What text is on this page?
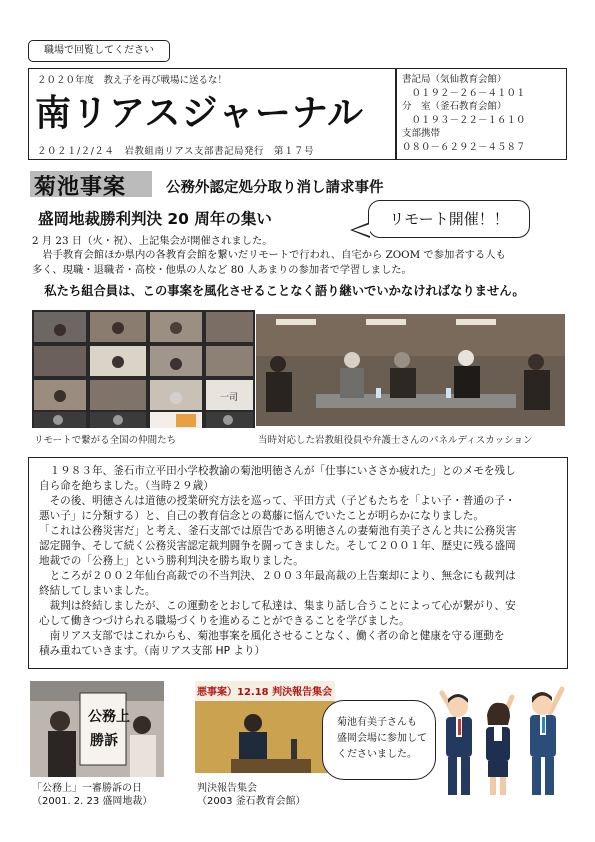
職場で回覧してください
２０２０年度　教え子を再び戦場に送るな！
南リアスジャーナル
２０２１/２/２４　岩教組南リアス支部書記局発行　第１７号
書記局（気仙教育会館）
　０１９２－２６－４１０１
分　室（釜石教育会館）
　０１９３－２２－１６１０
支部携帯
０８０－６２９２－４５８７
菊池事案	公務外認定処分取り消し請求事件
盛岡地裁勝利判決 20 周年の集い	リモート開催！！
2 月 23 日（火・祝）、上記集会が開催されました。
　岩手教育会館ほか県内の各教育会館を繋いだリモートで行われ、自宅から ZOOM で参加者する人も
多く、現職・退職者・高校・他県の人など 80 人あまりの参加者で学習しました。
　私たち組合員は、この事案を風化させることなく語り継いでいかなければなりません。
一司
リモートで繋がる全国の仲間たち	当時対応した岩教組役員や弁護士さんのパネルディスカッション
　１９８３年、釜石市立平田小学校教諭の菊池明徳さんが「仕事にいささか疲れた」とのメモを残し
自ら命を絶ちました。（当時２９歳）
　その後、明徳さんは道徳の授業研究方法を巡って、平田方式（子どもたちを「よい子・普通の子・
悪い子」に分類する）と、自己の教育信念との葛藤に悩んでいたことが明らかになりました。
「これは公務災害だ」と考え、釜石支部では原告である明徳さんの妻菊池有美子さんと共に公務災害
認定闘争、そして続く公務災害認定裁判闘争を闘ってきました。そして２００１年、歴史に残る盛岡
地裁での「公務上」という勝利判決を勝ち取りました。
　ところが２００２年仙台高裁での不当判決、２００３年最高裁の上告棄却により、無念にも裁判は
終結してしまいました。
　裁判は終結しましたが、この運動をとおして私達は、集まり話し合うことによって心が繋がり、安
心して働きつづけられる職場づくりを進めることができることを学びました。
　南リアス支部ではこれからも、菊池事案を風化させることなく、働く者の命と健康を守る運動を
積み重ねていきます。（南リアス支部 HP より）
公務上
勝訴
「公務上」一審勝訴の日
（2001. 2. 23 盛岡地裁）
悪事案）12.18 判決報告集会
判決報告集会
（2003 釜石教育会館）
菊池有美子さんも
盛岡会場に参加して
くださいました。
